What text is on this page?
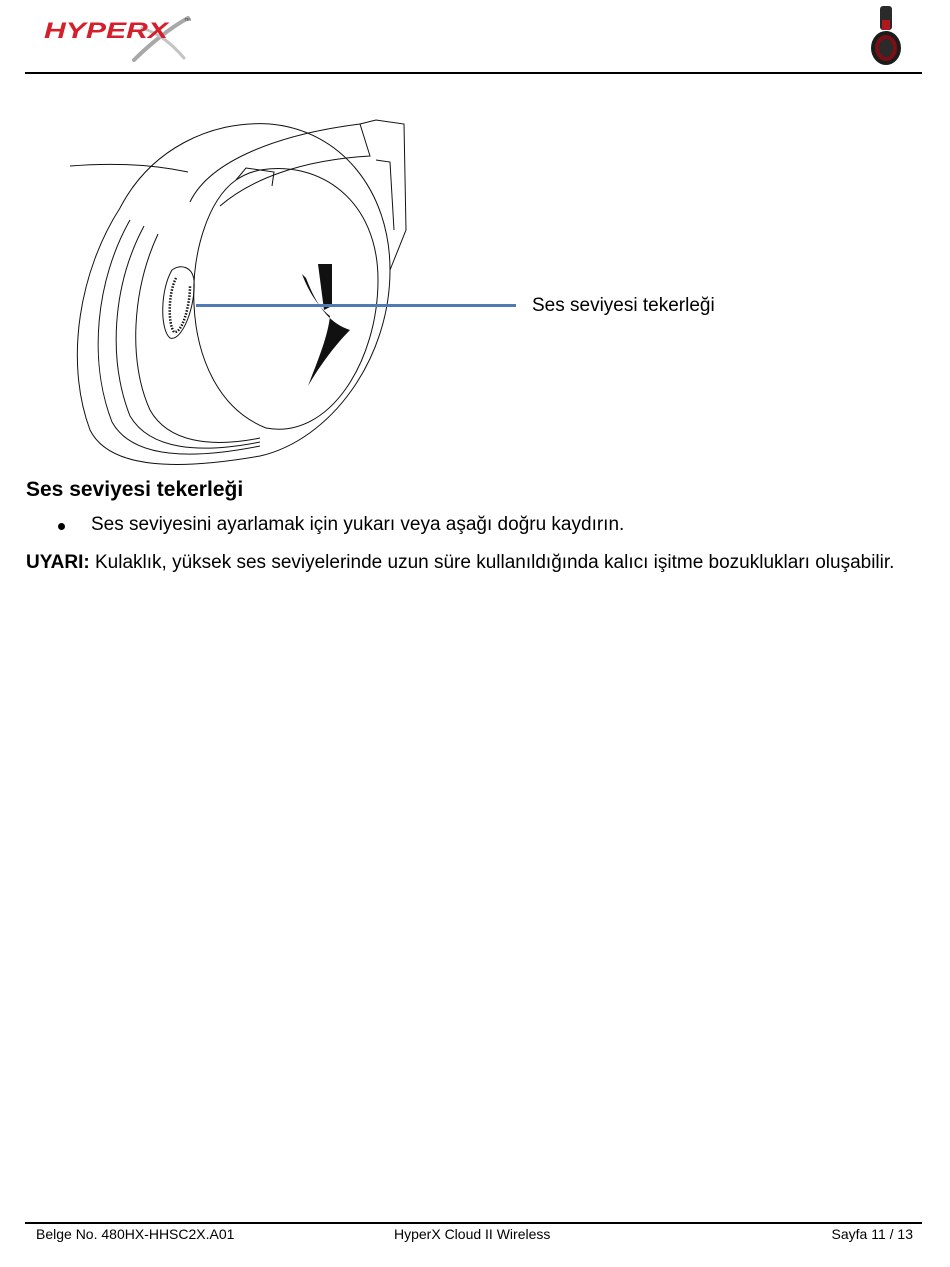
HYPERX ™
Ses seviyesi tekerleği
Ses seviyesi tekerleği
Ses seviyesini ayarlamak için yukarı veya aşağı doğru kaydırın.

UYARI: Kulaklık, yüksek ses seviyelerinde uzun süre kullanıldığında kalıcı işitme bozuklukları oluşabilir.

Belge No. 480HX-HHSC2X.A01	HyperX Cloud II Wireless	Sayfa 11 / 13
